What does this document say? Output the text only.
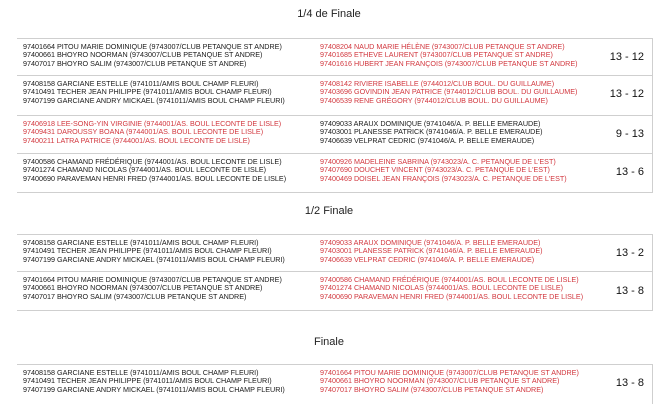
1/4 de Finale
1/2 Finale
Finale
97401664 PITOU MARIE DOMINIQUE (9743007/CLUB PETANQUE ST ANDRE)
97400661 BHOYRO NOORMAN (9743007/CLUB PETANQUE ST ANDRE)
97407017 BHOYRO SALIM (9743007/CLUB PETANQUE ST ANDRE)
97408204 NAUD MARIE HÉLÈNE (9743007/CLUB PETANQUE ST ANDRE)
97401685 ETHEVE LAURENT (9743007/CLUB PETANQUE ST ANDRE)
97401616 HUBERT JEAN FRANÇOIS (9743007/CLUB PETANQUE ST ANDRE)
13 - 12
97408158 GARCIANE ESTELLE (9741011/AMIS BOUL CHAMP FLEURI)
97410491 TECHER JEAN PHILIPPE (9741011/AMIS BOUL CHAMP FLEURI)
97407199 GARCIANE ANDRY MICKAEL (9741011/AMIS BOUL CHAMP FLEURI)
97408142 RIVIERE ISABELLE (9744012/CLUB BOUL. DU GUILLAUME)
97403696 GOVINDIN JEAN PATRICE (9744012/CLUB BOUL. DU GUILLAUME)
97406539 RENE GRÉGORY (9744012/CLUB BOUL. DU GUILLAUME)
13 - 12
97406918 LEE-SONG-YIN VIRGINIE (9744001/AS. BOUL LECONTE DE LISLE)
97409431 DAROUSSY BOANA (9744001/AS. BOUL LECONTE DE LISLE)
97400211 LATRA PATRICE (9744001/AS. BOUL LECONTE DE LISLE)
97409033 ARAUX DOMINIQUE (9741046/A. P. BELLE EMERAUDE)
97403001 PLANESSE PATRICK (9741046/A. P. BELLE EMERAUDE)
97406639 VELPRAT CEDRIC (9741046/A. P. BELLE EMERAUDE)
9 - 13
97400586 CHAMAND FRÉDÉRIQUE (9744001/AS. BOUL LECONTE DE LISLE)
97401274 CHAMAND NICOLAS (9744001/AS. BOUL LECONTE DE LISLE)
97400690 PARAVEMAN HENRI FRED (9744001/AS. BOUL LECONTE DE LISLE)
97400926 MADELEINE SABRINA (9743023/A. C. PETANQUE DE L'EST)
97407690 DOUCHET VINCENT (9743023/A. C. PETANQUE DE L'EST)
97400469 DOISEL JEAN FRANÇOIS (9743023/A. C. PETANQUE DE L'EST)
13 - 6
97408158 GARCIANE ESTELLE (9741011/AMIS BOUL CHAMP FLEURI)
97410491 TECHER JEAN PHILIPPE (9741011/AMIS BOUL CHAMP FLEURI)
97407199 GARCIANE ANDRY MICKAEL (9741011/AMIS BOUL CHAMP FLEURI)
97409033 ARAUX DOMINIQUE (9741046/A. P. BELLE EMERAUDE)
97403001 PLANESSE PATRICK (9741046/A. P. BELLE EMERAUDE)
97406639 VELPRAT CEDRIC (9741046/A. P. BELLE EMERAUDE)
13 - 2
97401664 PITOU MARIE DOMINIQUE (9743007/CLUB PETANQUE ST ANDRE)
97400661 BHOYRO NOORMAN (9743007/CLUB PETANQUE ST ANDRE)
97407017 BHOYRO SALIM (9743007/CLUB PETANQUE ST ANDRE)
97400586 CHAMAND FRÉDÉRIQUE (9744001/AS. BOUL LECONTE DE LISLE)
97401274 CHAMAND NICOLAS (9744001/AS. BOUL LECONTE DE LISLE)
97400690 PARAVEMAN HENRI FRED (9744001/AS. BOUL LECONTE DE LISLE)	13 - 8
97408158 GARCIANE ESTELLE (9741011/AMIS BOUL CHAMP FLEURI)
97410491 TECHER JEAN PHILIPPE (9741011/AMIS BOUL CHAMP FLEURI)
97407199 GARCIANE ANDRY MICKAEL (9741011/AMIS BOUL CHAMP FLEURI)
97401664 PITOU MARIE DOMINIQUE (9743007/CLUB PETANQUE ST ANDRE)
97400661 BHOYRO NOORMAN (9743007/CLUB PETANQUE ST ANDRE)
97407017 BHOYRO SALIM (9743007/CLUB PETANQUE ST ANDRE)
13 - 8
